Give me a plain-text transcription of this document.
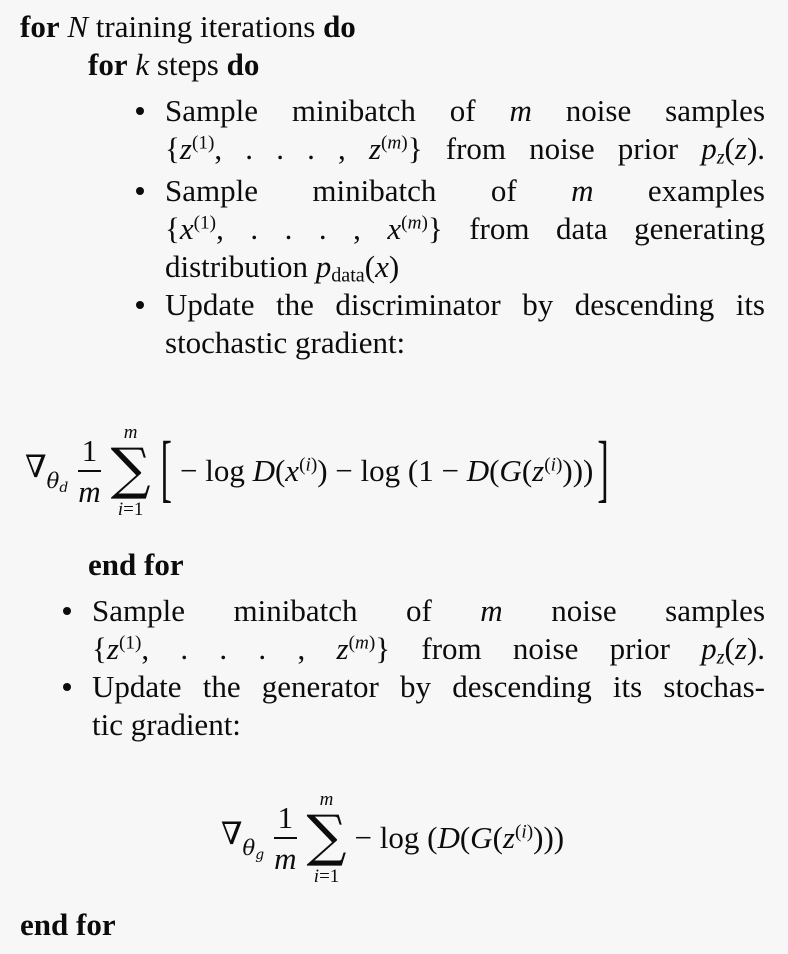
for N training iterations do
for k steps do
Sample minibatch of m noise samples
{$z^{(1)}$, . . . , $z^{(m)}$} from noise prior $p_z(z)$.
Sample minibatch of m examples
{$x^{(1)}$, . . . , $x^{(m)}$} from data generating
distribution $p_{data}(x)$
Update the discriminator by descending its
stochastic gradient:
$\nabla_{\theta_d} \frac{1}{m}$
m
∑
i=1 [ − $\log D(x^{(i)}) - \log (1 - D(G(z^{(i)})))$ ]
end for
Sample minibatch of m noise samples
{$z^{(1)}$, . . . , $z^{(m)}$} from noise prior $p_z(z)$.
Update the generator by descending its stochas-
tic gradient:
$\nabla_{\theta_g} \frac{1}{m}$
m
∑
i=1
− $\log (D(G(z^{(i)})))$
end for
